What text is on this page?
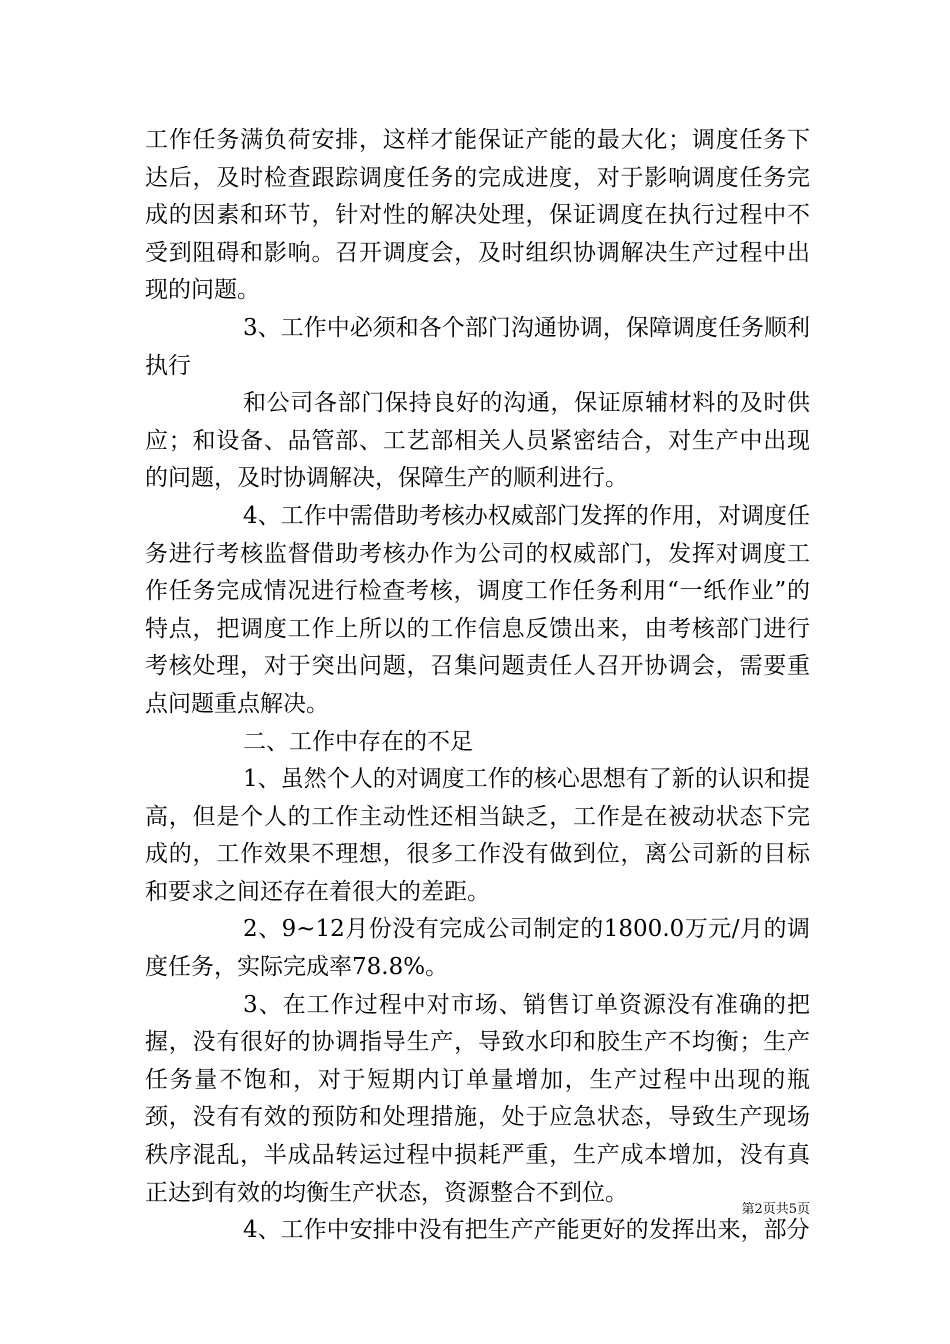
工作任务满负荷安排，这样才能保证产能的最大化；调度任务下达后，及时检查跟踪调度任务的完成进度，对于影响调度任务完成的因素和环节，针对性的解决处理，保证调度在执行过程中不受到阻碍和影响。召开调度会，及时组织协调解决生产过程中出现的问题。

3、工作中必须和各个部门沟通协调，保障调度任务顺利执行

和公司各部门保持良好的沟通，保证原辅材料的及时供应；和设备、品管部、工艺部相关人员紧密结合，对生产中出现的问题，及时协调解决，保障生产的顺利进行。

4、工作中需借助考核办权威部门发挥的作用，对调度任务进行考核监督借助考核办作为公司的权威部门，发挥对调度工作任务完成情况进行检查考核，调度工作任务利用“一纸作业”的特点，把调度工作上所以的工作信息反馈出来，由考核部门进行考核处理，对于突出问题，召集问题责任人召开协调会，需要重点问题重点解决。

二、工作中存在的不足

1、虽然个人的对调度工作的核心思想有了新的认识和提高，但是个人的工作主动性还相当缺乏，工作是在被动状态下完成的，工作效果不理想，很多工作没有做到位，离公司新的目标和要求之间还存在着很大的差距。

2、9~12月份没有完成公司制定的1800.0万元/月的调度任务，实际完成率78.8%。

3、在工作过程中对市场、销售订单资源没有准确的把握，没有很好的协调指导生产，导致水印和胶生产不均衡；生产任务量不饱和，对于短期内订单量增加，生产过程中出现的瓶颈，没有有效的预防和处理措施，处于应急状态，导致生产现场秩序混乱，半成品转运过程中损耗严重，生产成本增加，没有真正达到有效的均衡生产状态，资源整合不到位。

4、工作中安排中没有把生产产能更好的发挥出来，部分

第2页共5页
